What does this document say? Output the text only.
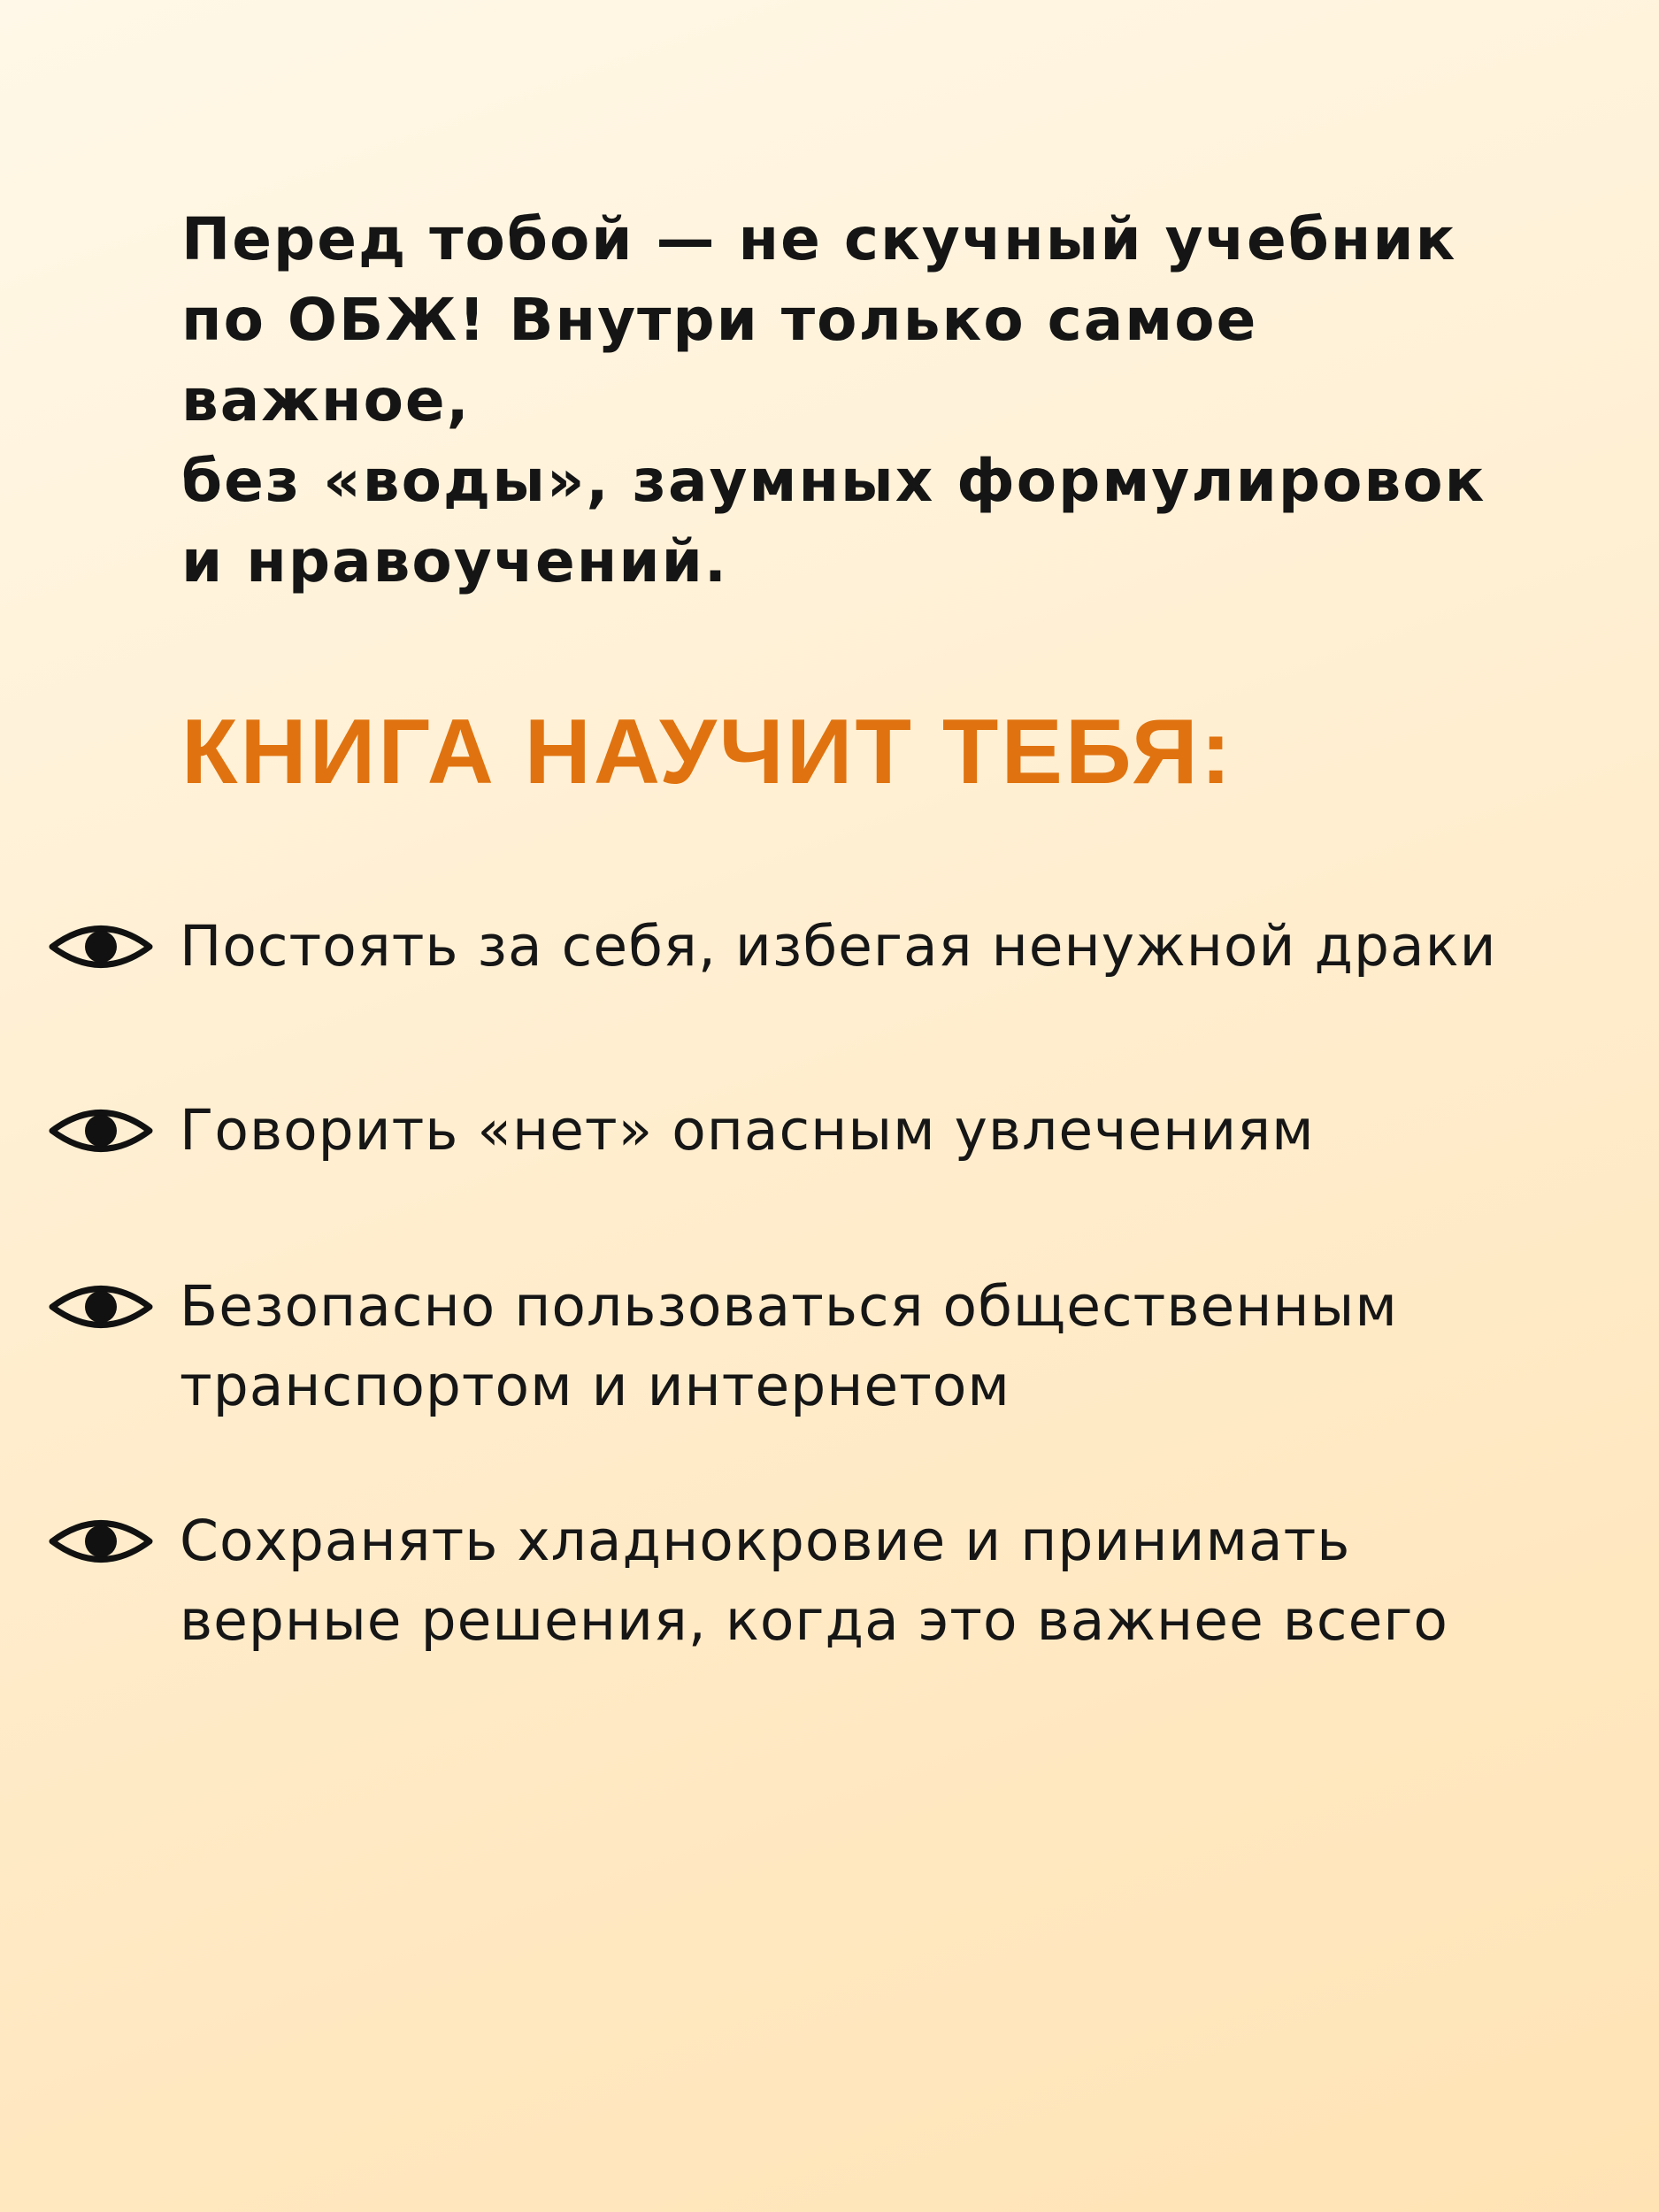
Перед тобой — не скучный учебник
по ОБЖ! Внутри только самое важное,
без «воды», заумных формулировок
и нравоучений.

КНИГА НАУЧИТ ТЕБЯ:
Постоять за себя, избегая ненужной драки
Говорить «нет» опасным увлечениям
Безопасно пользоваться общественным
транспортом и интернетом
Сохранять хладнокровие и принимать
верные решения, когда это важнее всего
